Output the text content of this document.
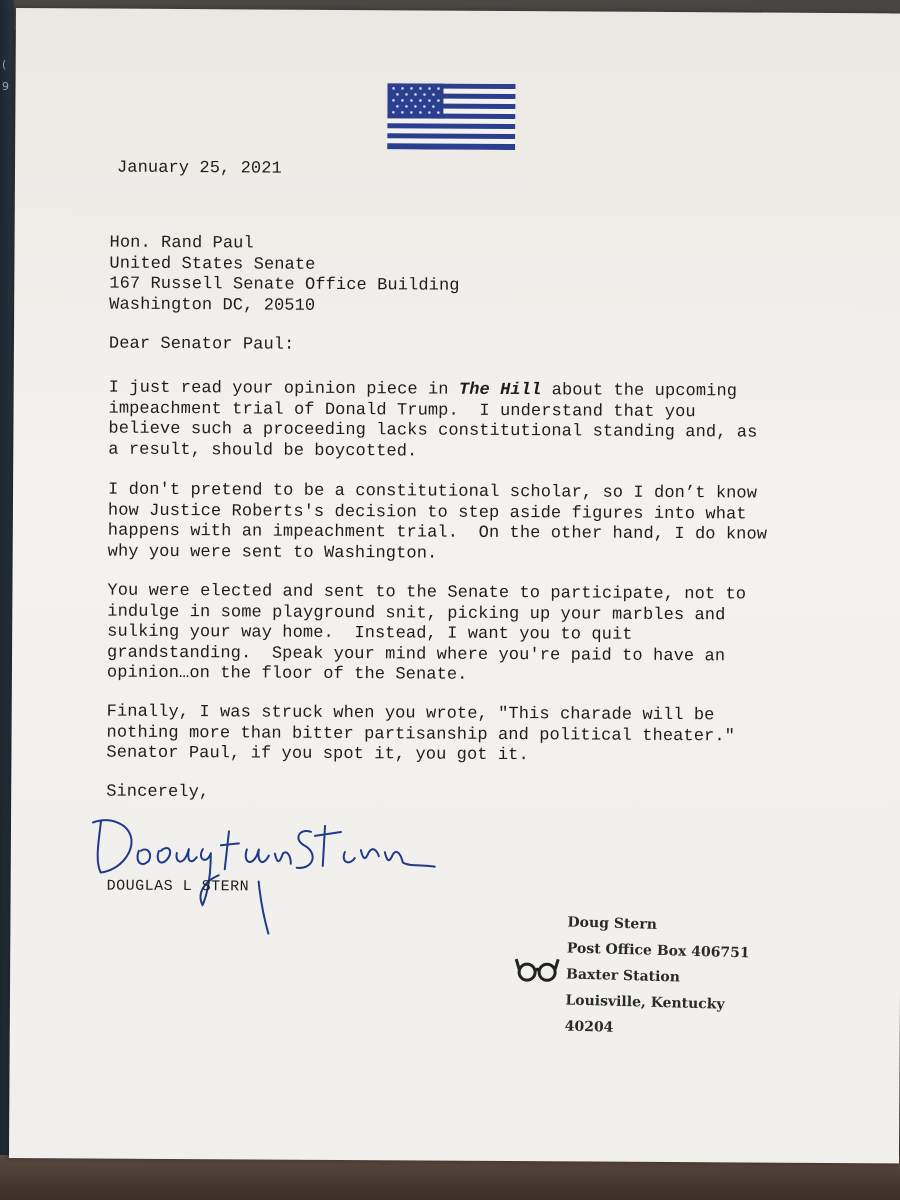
(
9
January 25, 2021
Hon. Rand Paul
United States Senate
167 Russell Senate Office Building
Washington DC, 20510
Dear Senator Paul:
I just read your opinion piece in The Hill about the upcoming
impeachment trial of Donald Trump.  I understand that you
believe such a proceeding lacks constitutional standing and, as
a result, should be boycotted.
I don't pretend to be a constitutional scholar, so I don’t know
how Justice Roberts's decision to step aside figures into what
happens with an impeachment trial.  On the other hand, I do know
why you were sent to Washington.
You were elected and sent to the Senate to participate, not to
indulge in some playground snit, picking up your marbles and
sulking your way home.  Instead, I want you to quit
grandstanding.  Speak your mind where you're paid to have an
opinion…on the floor of the Senate.
Finally, I was struck when you wrote, "This charade will be
nothing more than bitter partisanship and political theater."
Senator Paul, if you spot it, you got it.
Sincerely,
DOUGLAS L STERN
Doug Stern
Post Office Box 406751
Baxter Station
Louisville, Kentucky
40204
